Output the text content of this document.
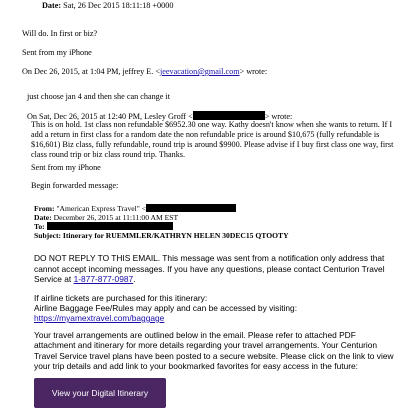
Date: Sat, 26 Dec 2015 18:11:18 +0000
Will do. In first or biz?
Sent from my iPhone
On Dec 26, 2015, at 1:04 PM, jeffrey E. <jeevacation@gmail.com> wrote:
just choose jan 4 and then she can change it
On Sat, Dec 26, 2015 at 12:40 PM, Lesley Groff <	> wrote:
This is on hold. 1st class non refundable $6952.30 one way. Kathy doesn't know when she wants to return. If I add a return in first class for a random date the non refundable price is around $10,675 (fully refundable is $16,601) Biz class, fully refundable, round trip is around $9900. Please advise if I buy first class one way, first class round trip or biz class round trip. Thanks.
Sent from my iPhone
Begin forwarded message:
From: "American Express Travel" <
Date: December 26, 2015 at 11:11:00 AM EST
To:
Subject: Itinerary for RUEMMLER/KATHRYN HELEN 30DEC15 QTOOTY
DO NOT REPLY TO THIS EMAIL. This message was sent from a notification only address that cannot accept incoming messages. If you have any questions, please contact Centurion Travel Service at 1-877-877-0987.
If airline tickets are purchased for this itinerary:
Airline Baggage Fee/Rules may apply and can be accessed by visiting:
https://myamextravel.com/baggage
Your travel arrangements are outlined below in the email. Please refer to attached PDF attachment and itinerary for more details regarding your travel arrangements. Your Centurion Travel Service travel plans have been posted to a secure website. Please click on the link to view your trip details and add link to your bookmarked favorites for easy access in the future:
View your Digital Itinerary
